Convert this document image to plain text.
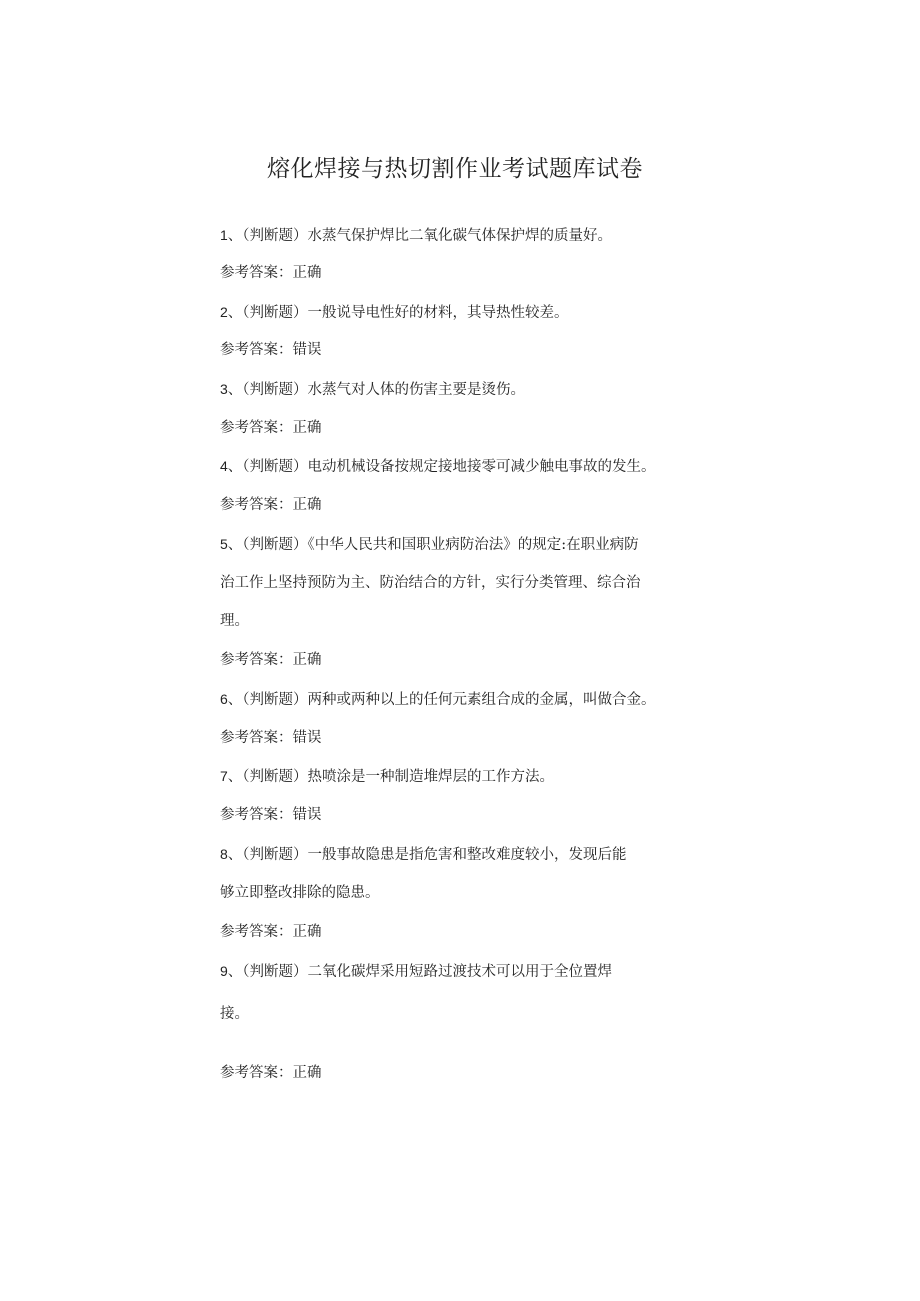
熔化焊接与热切割作业考试题库试卷
1、（判断题）水蒸气保护焊比二氧化碳气体保护焊的质量好。
参考答案：正确
2、（判断题）一般说导电性好的材料，其导热性较差。
参考答案：错误
3、（判断题）水蒸气对人体的伤害主要是烫伤。
参考答案：正确
4、（判断题）电动机械设备按规定接地接零可减少触电事故的发生。
参考答案：正确
5、（判断题）《中华人民共和国职业病防治法》的规定:在职业病防
治工作上坚持预防为主、防治结合的方针，实行分类管理、综合治
理。
参考答案：正确
6、（判断题）两种或两种以上的任何元素组合成的金属，叫做合金。
参考答案：错误
7、（判断题）热喷涂是一种制造堆焊层的工作方法。
参考答案：错误
8、（判断题）一般事故隐患是指危害和整改难度较小，发现后能
够立即整改排除的隐患。
参考答案：正确
9、（判断题）二氧化碳焊采用短路过渡技术可以用于全位置焊
接。
参考答案：正确
